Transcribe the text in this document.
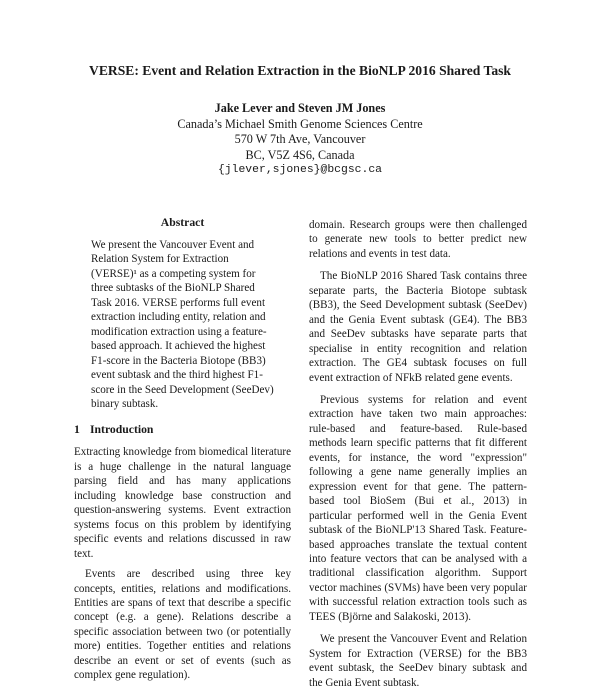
VERSE: Event and Relation Extraction in the BioNLP 2016 Shared Task
Jake Lever and Steven JM Jones
Canada’s Michael Smith Genome Sciences Centre
570 W 7th Ave, Vancouver
BC, V5Z 4S6, Canada
{jlever,sjones}@bcgsc.ca
Abstract

We present the Vancouver Event and Relation System for Extraction (VERSE)¹ as a competing system for three subtasks of the BioNLP Shared Task 2016. VERSE performs full event extraction including entity, relation and modification extraction using a feature-based approach. It achieved the highest F1-score in the Bacteria Biotope (BB3) event subtask and the third highest F1-score in the Seed Development (SeeDev) binary subtask.

1 Introduction

Extracting knowledge from biomedical literature is a huge challenge in the natural language parsing field and has many applications including knowledge base construction and question-answering systems. Event extraction systems focus on this problem by identifying specific events and relations discussed in raw text.

Events are described using three key concepts, entities, relations and modifications. Entities are spans of text that describe a specific concept (e.g. a gene). Relations describe a specific association between two (or potentially more) entities. Together entities and relations describe an event or set of events (such as complex gene regulation).

domain. Research groups were then challenged to generate new tools to better predict new relations and events in test data.

The BioNLP 2016 Shared Task contains three separate parts, the Bacteria Biotope subtask (BB3), the Seed Development subtask (SeeDev) and the Genia Event subtask (GE4). The BB3 and SeeDev subtasks have separate parts that specialise in entity recognition and relation extraction. The GE4 subtask focuses on full event extraction of NFkB related gene events.

Previous systems for relation and event extraction have taken two main approaches: rule-based and feature-based. Rule-based methods learn specific patterns that fit different events, for instance, the word "expression" following a gene name generally implies an expression event for that gene. The pattern-based tool BioSem (Bui et al., 2013) in particular performed well in the Genia Event subtask of the BioNLP'13 Shared Task. Feature-based approaches translate the textual content into feature vectors that can be analysed with a traditional classification algorithm. Support vector machines (SVMs) have been very popular with successful relation extraction tools such as TEES (Björne and Salakoski, 2013).

We present the Vancouver Event and Relation System for Extraction (VERSE) for the BB3 event subtask, the SeeDev binary subtask and the Genia Event subtask.
